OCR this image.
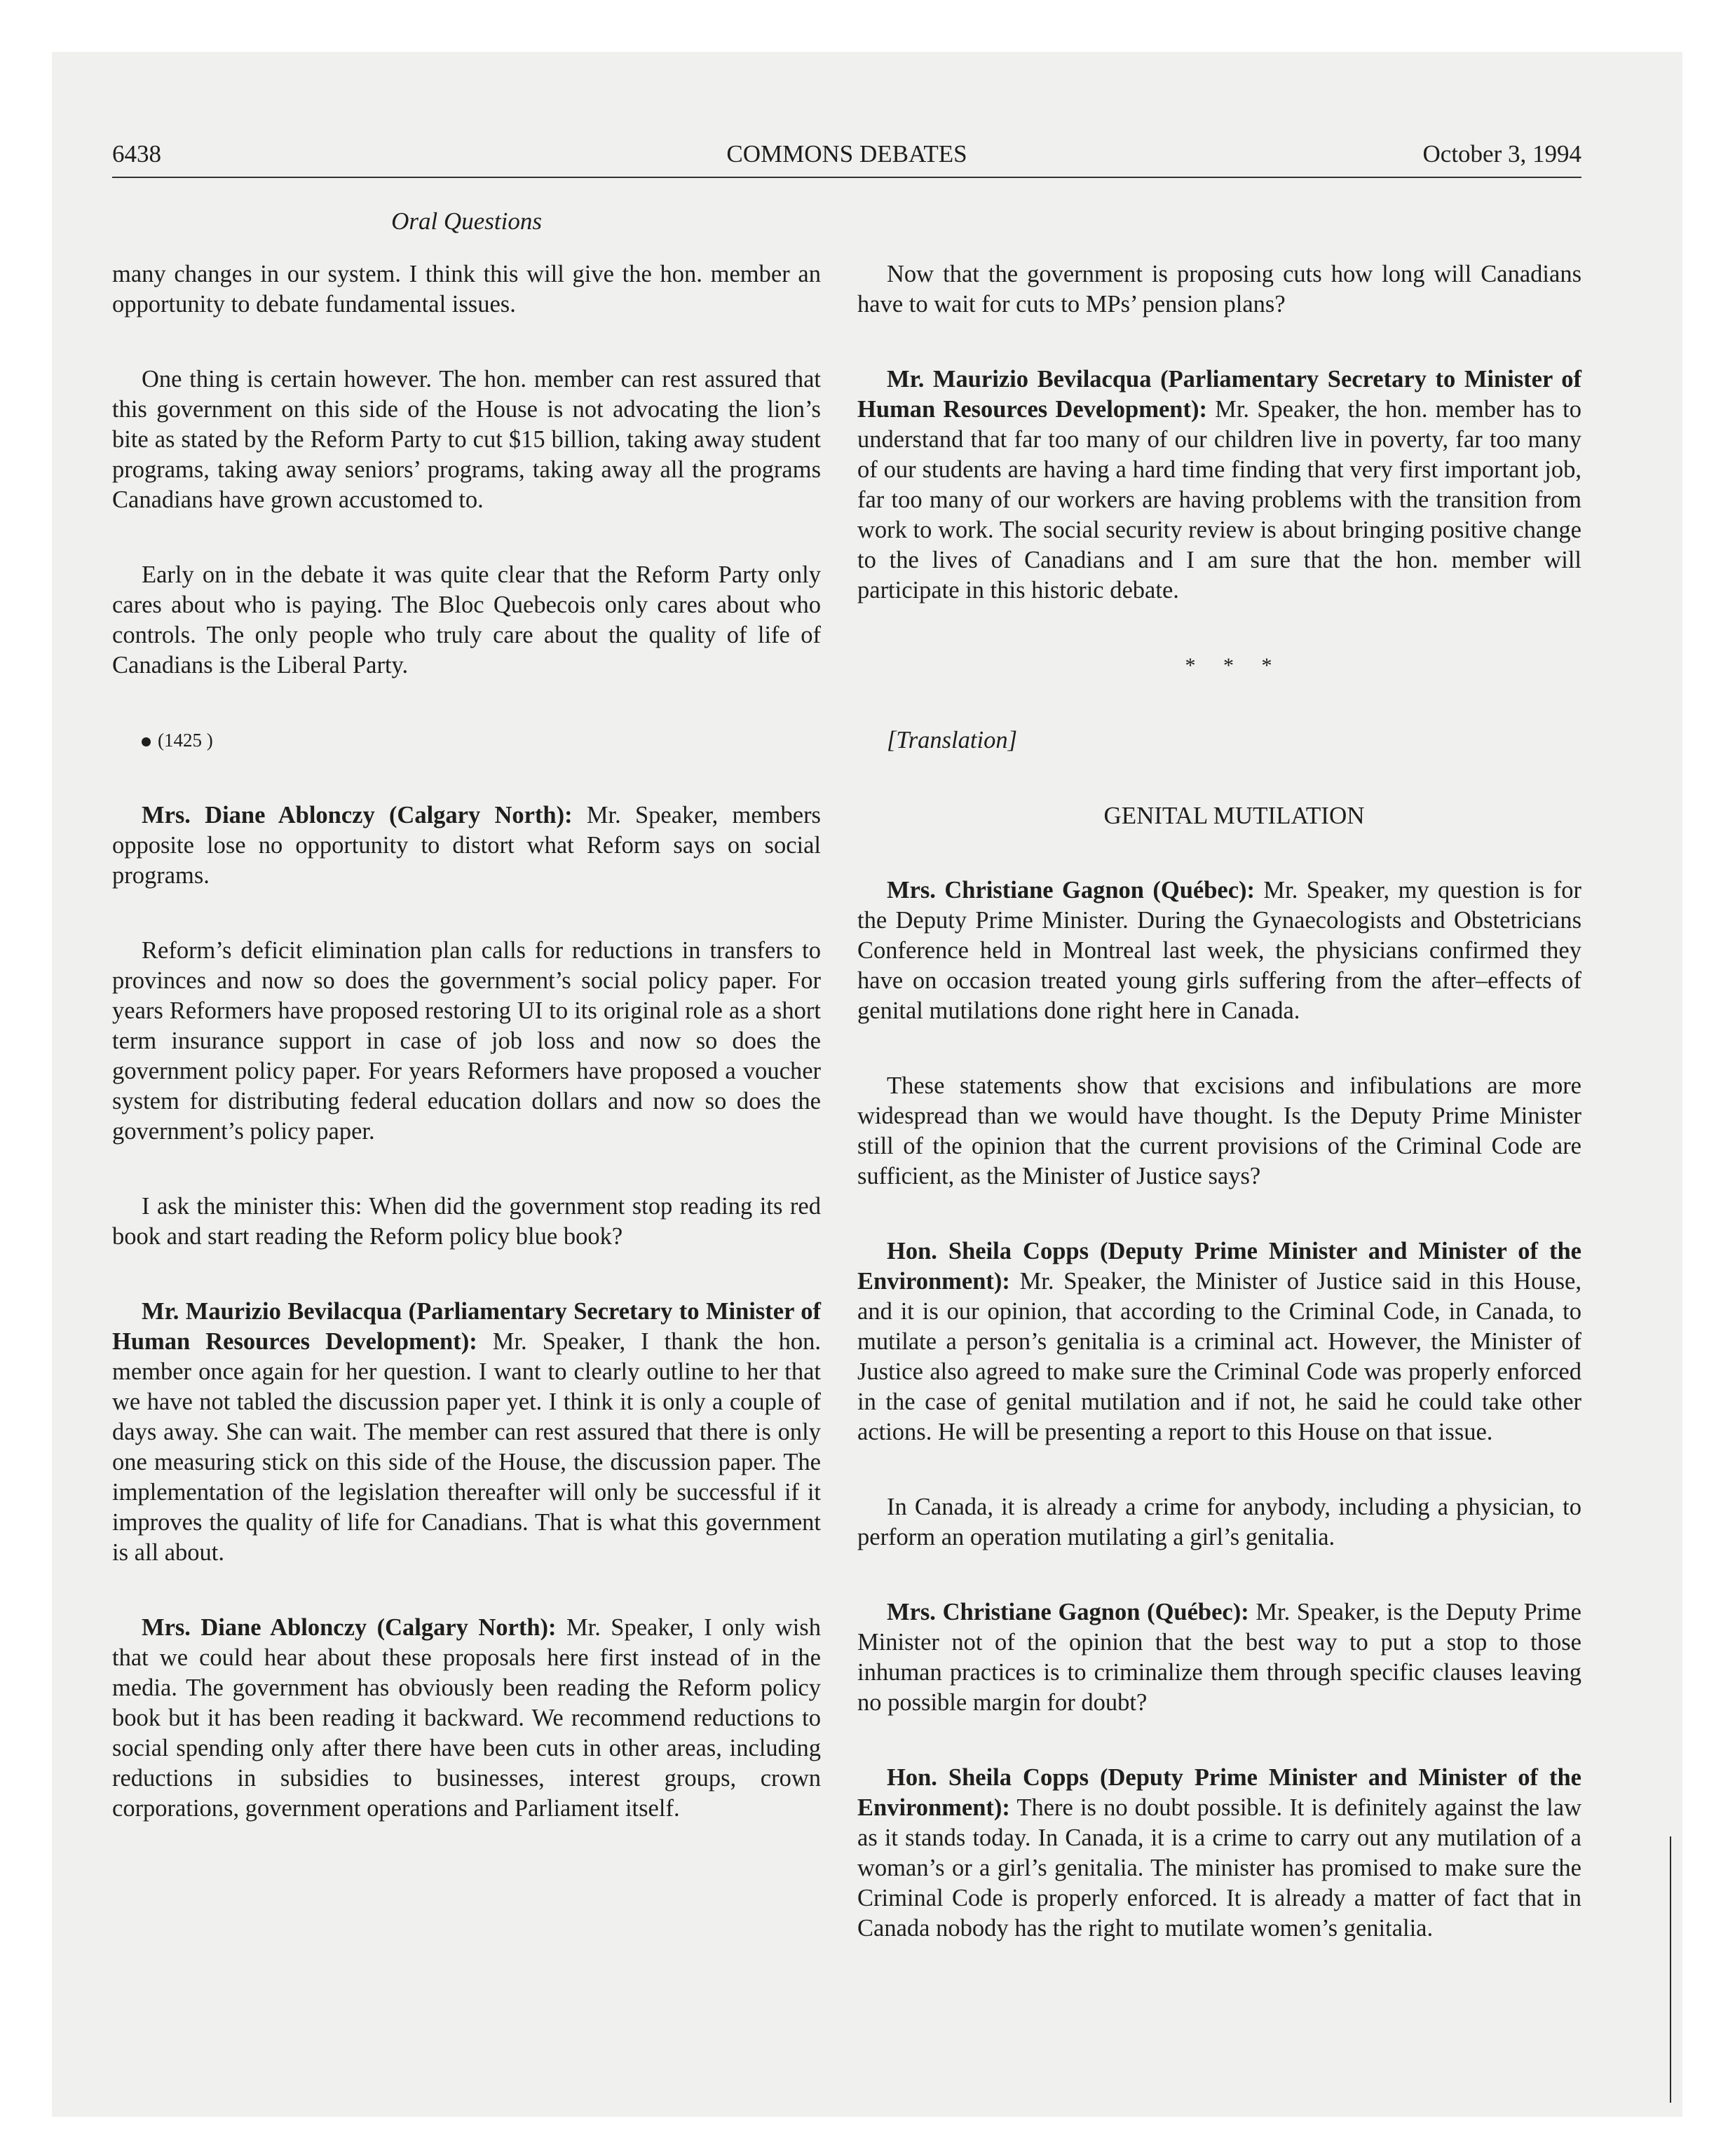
6438	COMMONS DEBATES	October 3, 1994
Oral Questions

many changes in our system. I think this will give the hon. member an opportunity to debate fundamental issues.

One thing is certain however. The hon. member can rest assured that this government on this side of the House is not advocating the lion’s bite as stated by the Reform Party to cut $15 billion, taking away student programs, taking away seniors’ programs, taking away all the programs Canadians have grown accustomed to.

Early on in the debate it was quite clear that the Reform Party only cares about who is paying. The Bloc Quebecois only cares about who controls. The only people who truly care about the quality of life of Canadians is the Liberal Party.

(1425 )

Mrs. Diane Ablonczy (Calgary North): Mr. Speaker, members opposite lose no opportunity to distort what Reform says on social programs.

Reform’s deficit elimination plan calls for reductions in transfers to provinces and now so does the government’s social policy paper. For years Reformers have proposed restoring UI to its original role as a short term insurance support in case of job loss and now so does the government policy paper. For years Reformers have proposed a voucher system for distributing federal education dollars and now so does the government’s policy paper.

I ask the minister this: When did the government stop reading its red book and start reading the Reform policy blue book?

Mr. Maurizio Bevilacqua (Parliamentary Secretary to Minister of Human Resources Development): Mr. Speaker, I thank the hon. member once again for her question. I want to clearly outline to her that we have not tabled the discussion paper yet. I think it is only a couple of days away. She can wait. The member can rest assured that there is only one measuring stick on this side of the House, the discussion paper. The implementation of the legislation thereafter will only be successful if it improves the quality of life for Canadians. That is what this government is all about.

Mrs. Diane Ablonczy (Calgary North): Mr. Speaker, I only wish that we could hear about these proposals here first instead of in the media. The government has obviously been reading the Reform policy book but it has been reading it backward. We recommend reductions to social spending only after there have been cuts in other areas, including reductions in subsidies to businesses, interest groups, crown corporations, government operations and Parliament itself.

Now that the government is proposing cuts how long will Canadians have to wait for cuts to MPs’ pension plans?

Mr. Maurizio Bevilacqua (Parliamentary Secretary to Minister of Human Resources Development): Mr. Speaker, the hon. member has to understand that far too many of our children live in poverty, far too many of our students are having a hard time finding that very first important job, far too many of our workers are having problems with the transition from work to work. The social security review is about bringing positive change to the lives of Canadians and I am sure that the hon. member will participate in this historic debate.

* * *

[Translation]

GENITAL MUTILATION

Mrs. Christiane Gagnon (Québec): Mr. Speaker, my question is for the Deputy Prime Minister. During the Gynaecologists and Obstetricians Conference held in Montreal last week, the physicians confirmed they have on occasion treated young girls suffering from the after–effects of genital mutilations done right here in Canada.

These statements show that excisions and infibulations are more widespread than we would have thought. Is the Deputy Prime Minister still of the opinion that the current provisions of the Criminal Code are sufficient, as the Minister of Justice says?

Hon. Sheila Copps (Deputy Prime Minister and Minister of the Environment): Mr. Speaker, the Minister of Justice said in this House, and it is our opinion, that according to the Criminal Code, in Canada, to mutilate a person’s genitalia is a criminal act. However, the Minister of Justice also agreed to make sure the Criminal Code was properly enforced in the case of genital mutilation and if not, he said he could take other actions. He will be presenting a report to this House on that issue.

In Canada, it is already a crime for anybody, including a physician, to perform an operation mutilating a girl’s genitalia.

Mrs. Christiane Gagnon (Québec): Mr. Speaker, is the Deputy Prime Minister not of the opinion that the best way to put a stop to those inhuman practices is to criminalize them through specific clauses leaving no possible margin for doubt?

Hon. Sheila Copps (Deputy Prime Minister and Minister of the Environment): There is no doubt possible. It is definitely against the law as it stands today. In Canada, it is a crime to carry out any mutilation of a woman’s or a girl’s genitalia. The minister has promised to make sure the Criminal Code is properly enforced. It is already a matter of fact that in Canada nobody has the right to mutilate women’s genitalia.
